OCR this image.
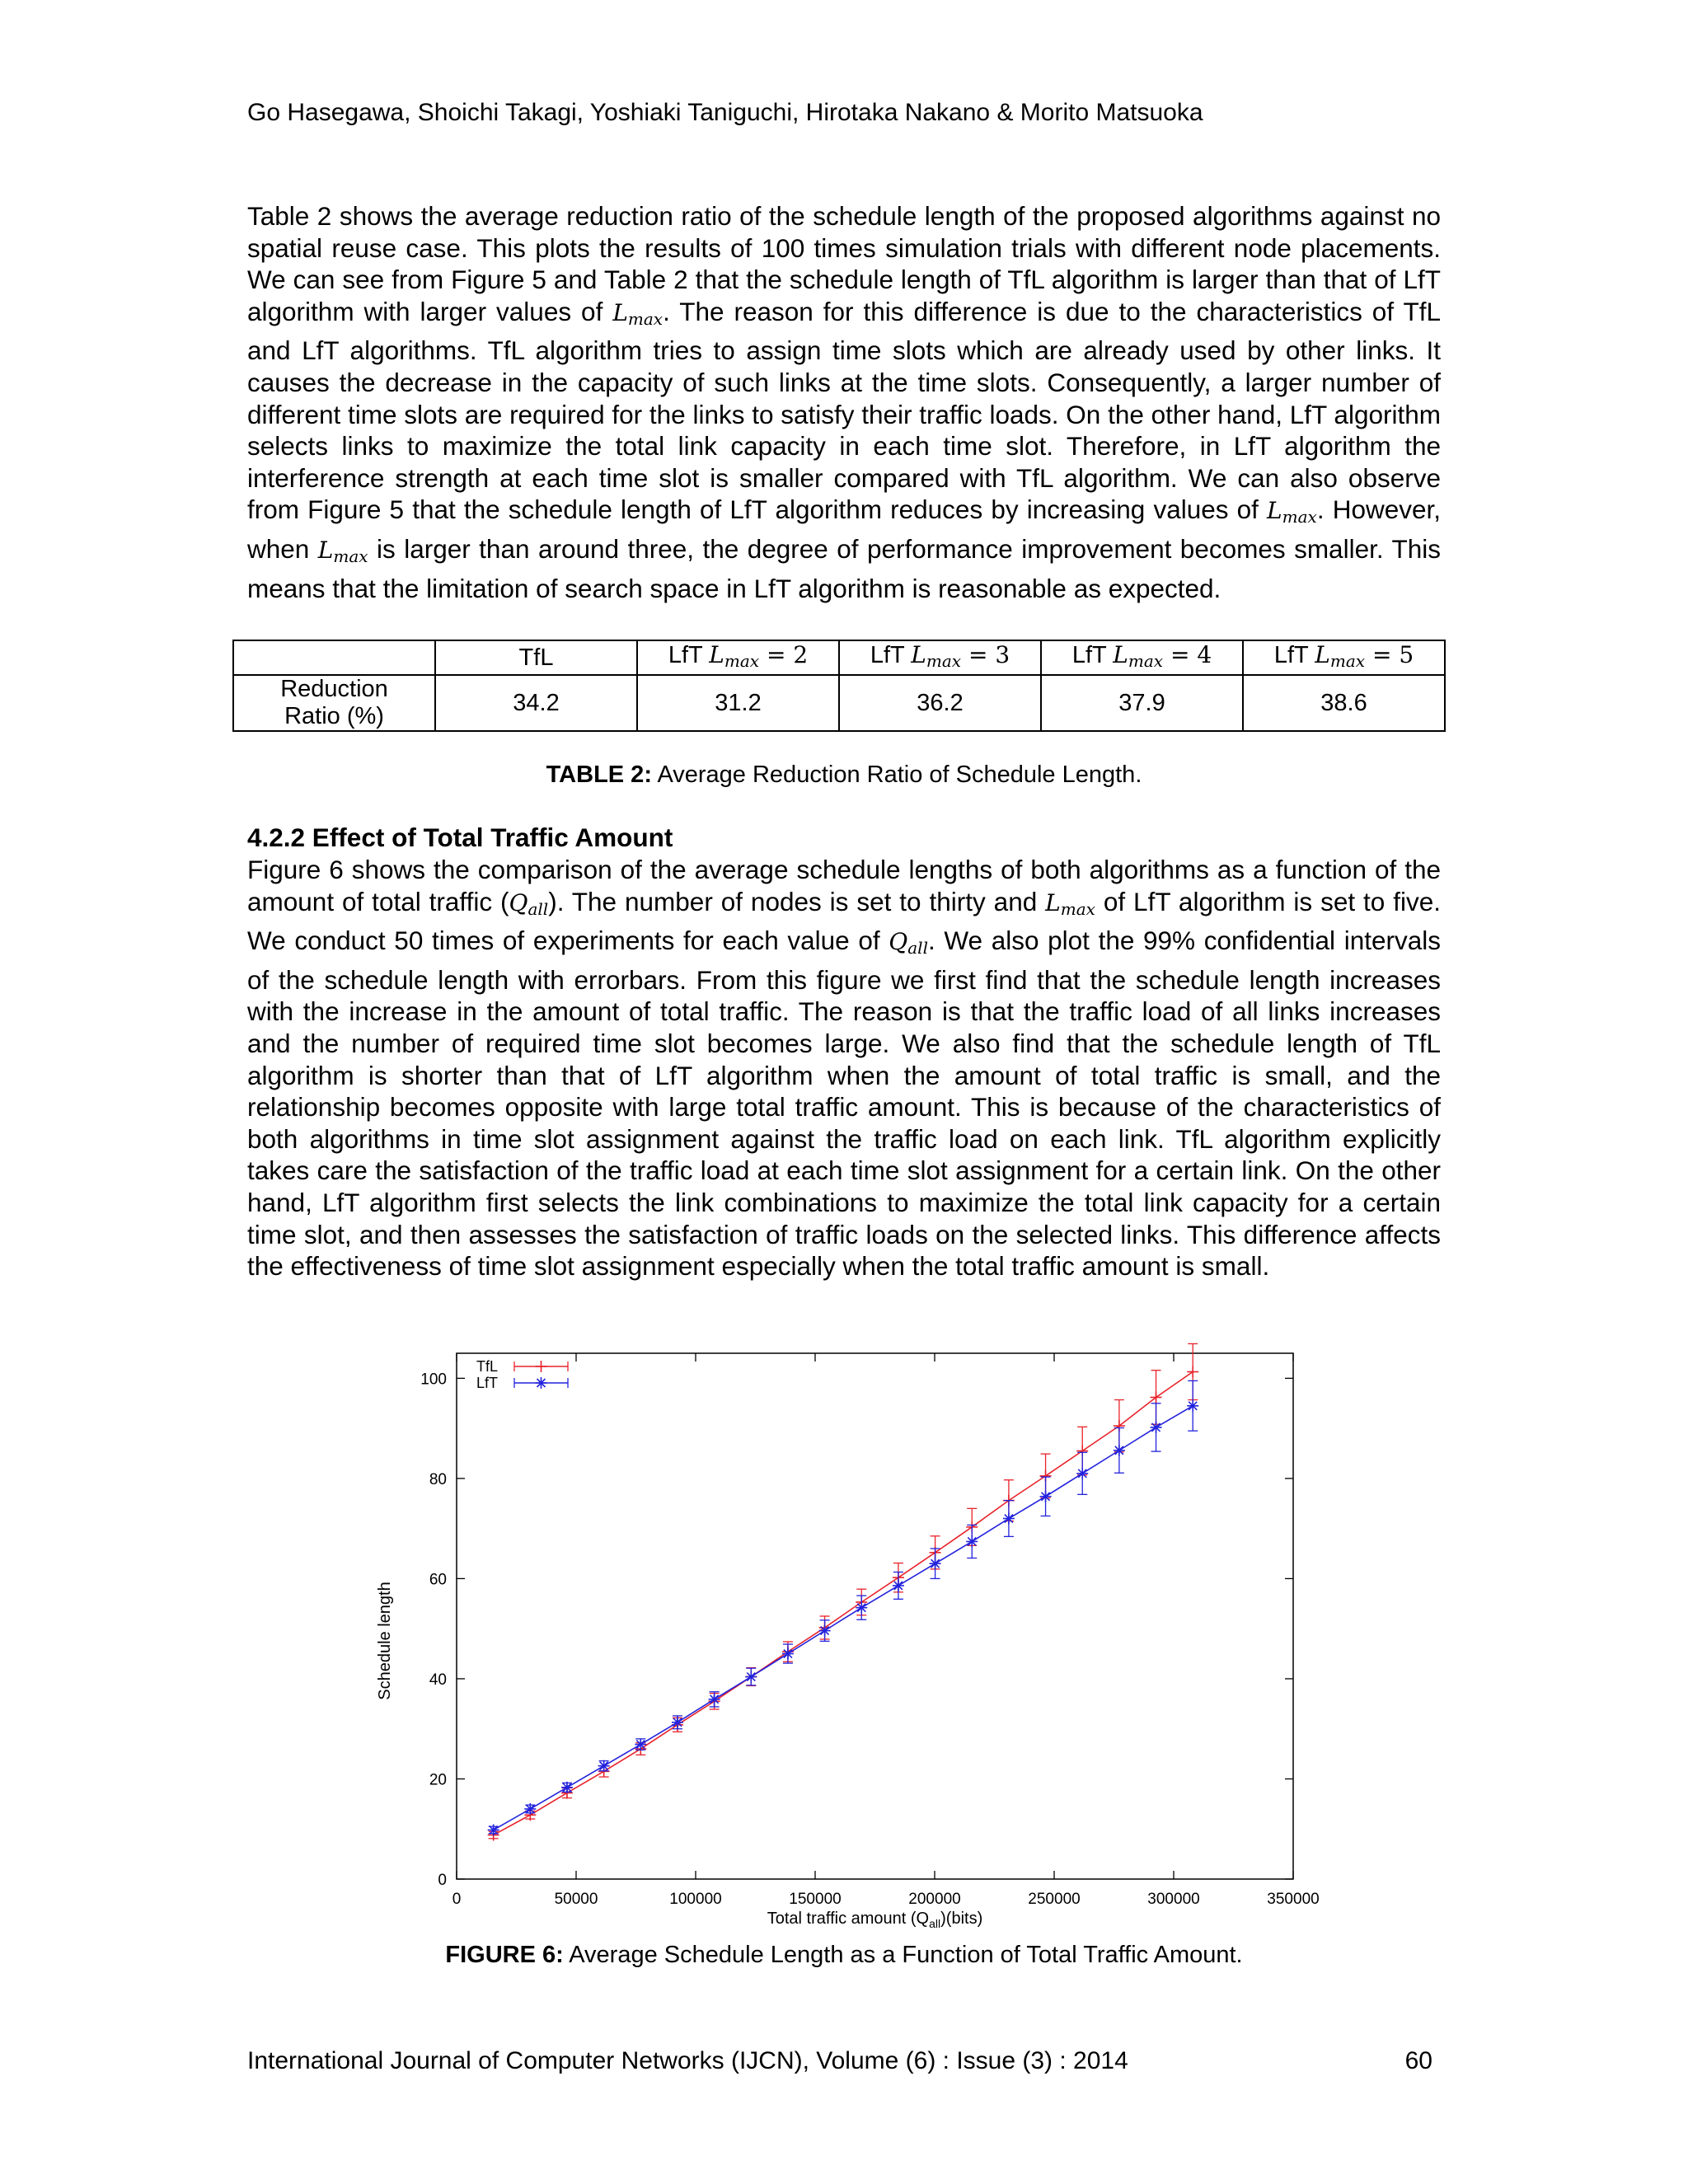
Go Hasegawa, Shoichi Takagi, Yoshiaki Taniguchi, Hirotaka Nakano & Morito Matsuoka

Table 2 shows the average reduction ratio of the schedule length of the proposed algorithms against no spatial reuse case. This plots the results of 100 times simulation trials with different node placements. We can see from Figure 5 and Table 2 that the schedule length of TfL algorithm is larger than that of LfT algorithm with larger values of $L_{max}$. The reason for this difference is due to the characteristics of TfL and LfT algorithms. TfL algorithm tries to assign time slots which are already used by other links. It causes the decrease in the capacity of such links at the time slots. Consequently, a larger number of different time slots are required for the links to satisfy their traffic loads. On the other hand, LfT algorithm selects links to maximize the total link capacity in each time slot. Therefore, in LfT algorithm the interference strength at each time slot is smaller compared with TfL algorithm. We can also observe from Figure 5 that the schedule length of LfT algorithm reduces by increasing values of $L_{max}$. However, when $L_{max}$ is larger than around three, the degree of performance improvement becomes smaller. This means that the limitation of search space in LfT algorithm is reasonable as expected.

	TfL	LfT $L_{max} = 2$	LfT $L_{max} = 3$	LfT $L_{max} = 4$	LfT $L_{max} = 5$
Reduction
Ratio (%)	34.2	31.2	36.2	37.9	38.6
TABLE 2: Average Reduction Ratio of Schedule Length.
4.2.2 Effect of Total Traffic Amount

Figure 6 shows the comparison of the average schedule lengths of both algorithms as a function of the amount of total traffic $(Q_{all})$. The number of nodes is set to thirty and $L_{max}$ of LfT algorithm is set to five. We conduct 50 times of experiments for each value of $Q_{all}$. We also plot the 99% confidential intervals of the schedule length with errorbars. From this figure we first find that the schedule length increases with the increase in the amount of total traffic. The reason is that the traffic load of all links increases and the number of required time slot becomes large. We also find that the schedule length of TfL algorithm is shorter than that of LfT algorithm when the amount of total traffic is small, and the relationship becomes opposite with large total traffic amount. This is because of the characteristics of both algorithms in time slot assignment against the traffic load on each link. TfL algorithm explicitly takes care the satisfaction of the traffic load at each time slot assignment for a certain link. On the other hand, LfT algorithm first selects the link combinations to maximize the total link capacity for a certain time slot, and then assesses the satisfaction of traffic loads on the selected links. This difference affects the effectiveness of time slot assignment especially when the total traffic amount is small.

0	50000	100000	150000	200000	250000	300000	350000
0
20
40
60
80
100
Total traffic amount $(Q_{all})(bits)$
Schedule length
TfL
LfT
FIGURE 6: Average Schedule Length as a Function of Total Traffic Amount.
International Journal of Computer Networks (IJCN), Volume (6) : Issue (3) : 2014	60
